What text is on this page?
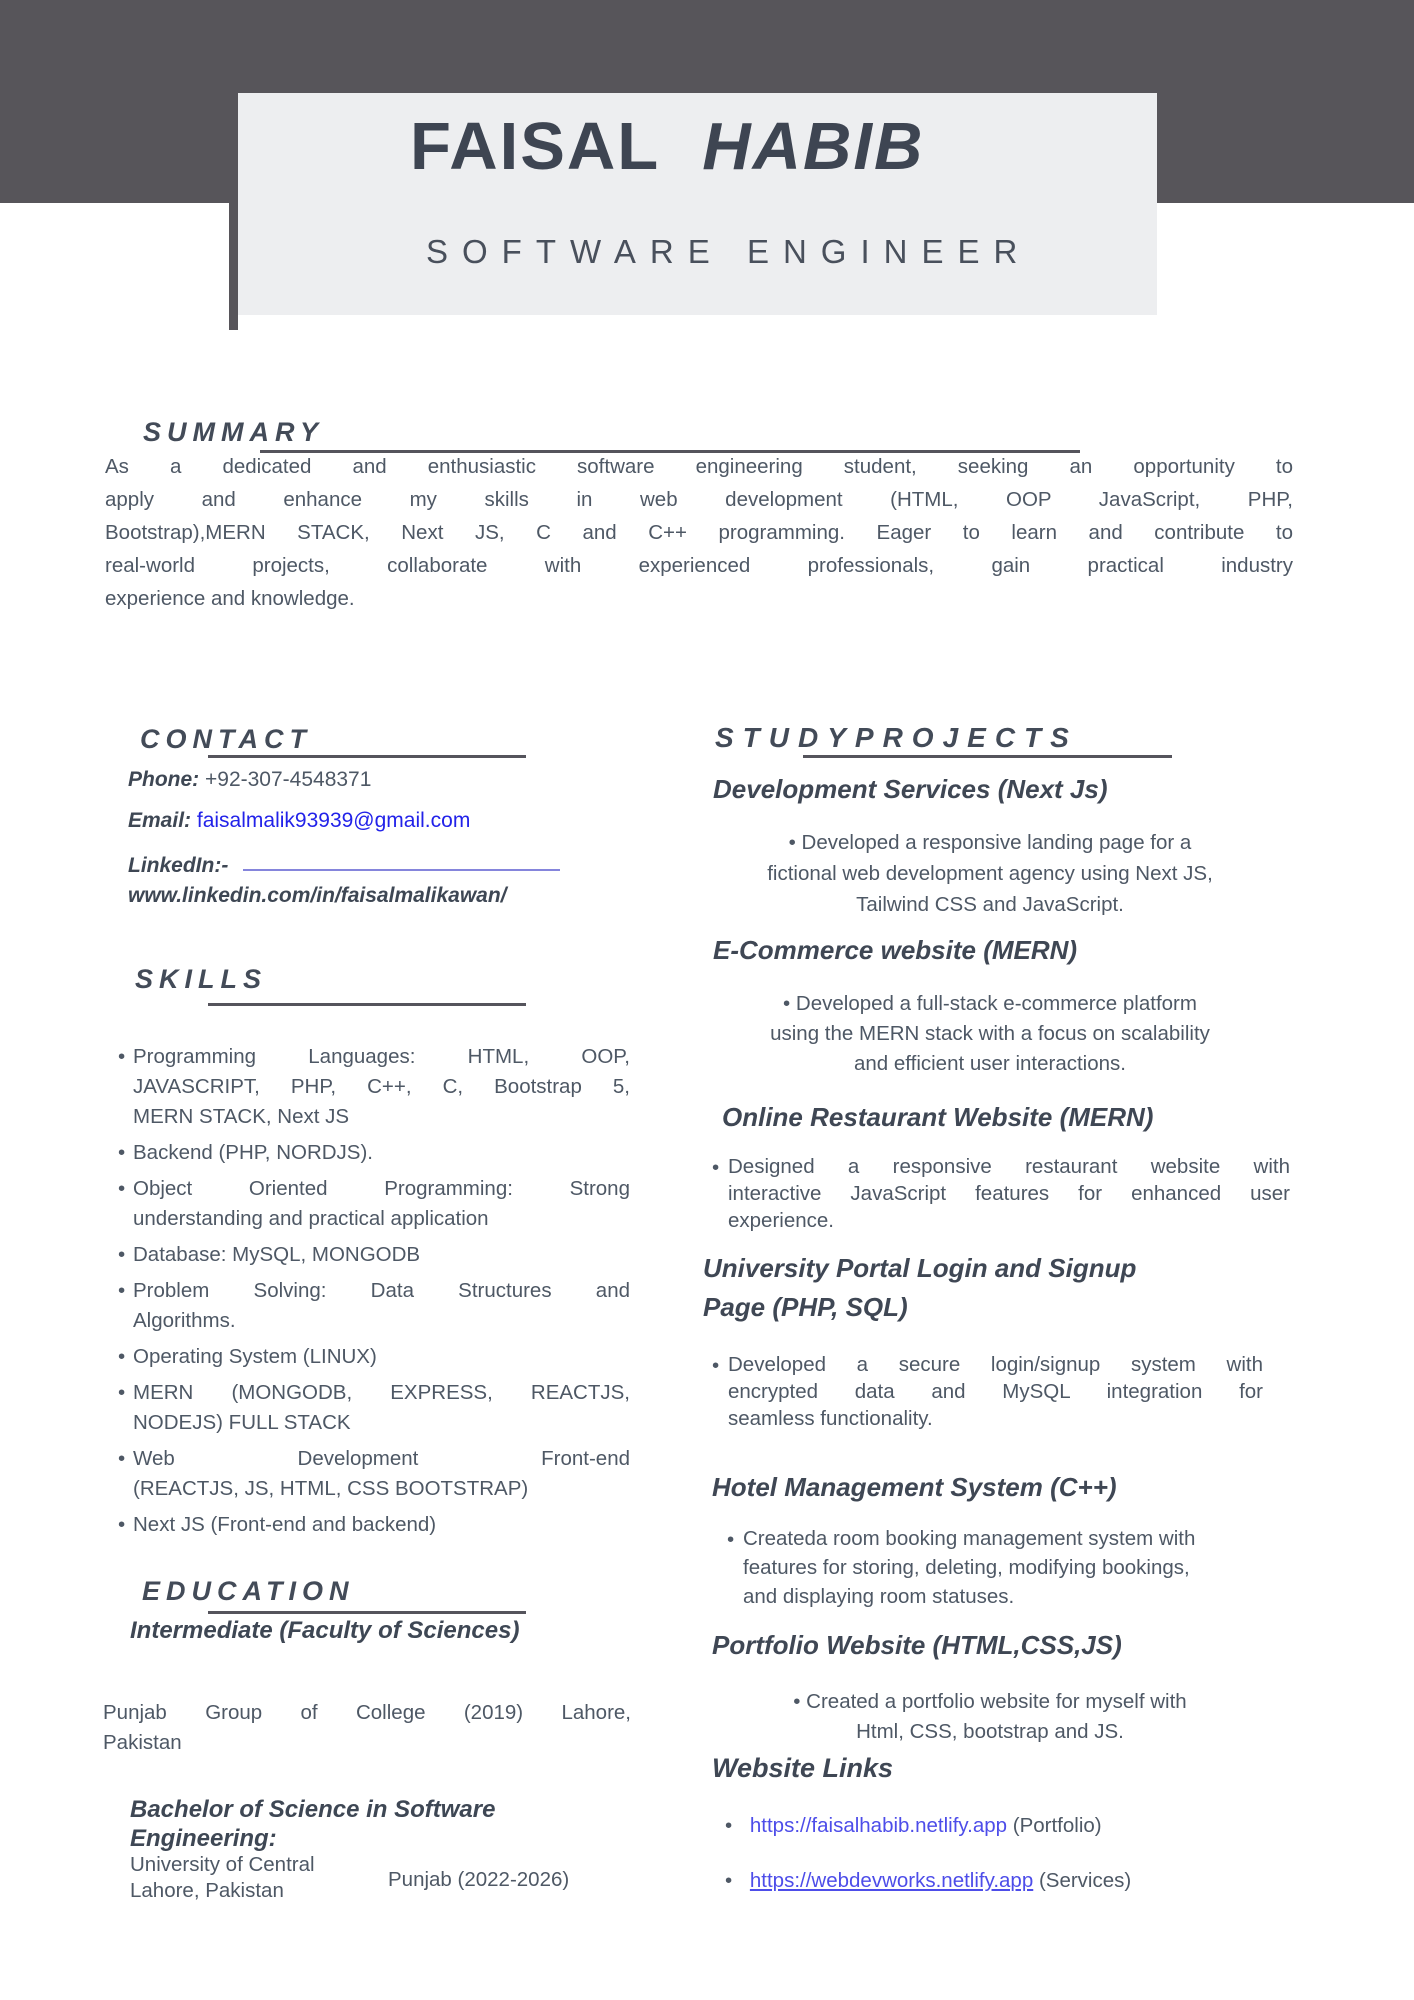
FAISAL HABIB
SOFTWARE ENGINEER
SUMMARY
As a dedicated and enthusiastic software engineering student, seeking an opportunity to
apply and enhance my skills in web development (HTML, OOP JavaScript, PHP,
Bootstrap),MERN STACK, Next JS, C and C++ programming. Eager to learn and contribute to
real-world projects, collaborate with experienced professionals, gain practical industry
experience and knowledge.
CONTACT
Phone: +92-307-4548371
Email: faisalmalik93939@gmail.com
LinkedIn:-
www.linkedin.com/in/faisalmalikawan/
SKILLS
• Programming Languages: HTML, OOP,
JAVASCRIPT, PHP, C++, C, Bootstrap 5,
MERN STACK, Next JS
• Backend (PHP, NORDJS).
• Object Oriented Programming: Strong
understanding and practical application
• Database: MySQL, MONGODB
• Problem Solving: Data Structures and
Algorithms.
• Operating System (LINUX)
• MERN (MONGODB, EXPRESS, REACTJS,
NODEJS) FULL STACK
• Web Development Front-end
(REACTJS, JS, HTML, CSS BOOTSTRAP)
• Next JS (Front-end and backend)
EDUCATION
Intermediate (Faculty of Sciences)
Punjab Group of College (2019) Lahore,
Pakistan
Bachelor of Science in Software Engineering:
University of Central Lahore, Pakistan	Punjab (2022-2026)
STUDYPROJECTS
Development Services (Next Js)
• Developed a responsive landing page for a
fictional web development agency using Next JS,
Tailwind CSS and JavaScript.
E-Commerce website (MERN)
• Developed a full-stack e-commerce platform
using the MERN stack with a focus on scalability
and efficient user interactions.
Online Restaurant Website (MERN)
• Designed a responsive restaurant website with
interactive JavaScript features for enhanced user
experience.
University Portal Login and Signup Page (PHP, SQL)
• Developed a secure login/signup system with
encrypted data and MySQL integration for
seamless functionality.
Hotel Management System (C++)
• Createda room booking management system with
features for storing, deleting, modifying bookings,
and displaying room statuses.
Portfolio Website (HTML,CSS,JS)
• Created a portfolio website for myself with
Html, CSS, bootstrap and JS.
Website Links
• https://faisalhabib.netlify.app (Portfolio)
• https://webdevworks.netlify.app (Services)
